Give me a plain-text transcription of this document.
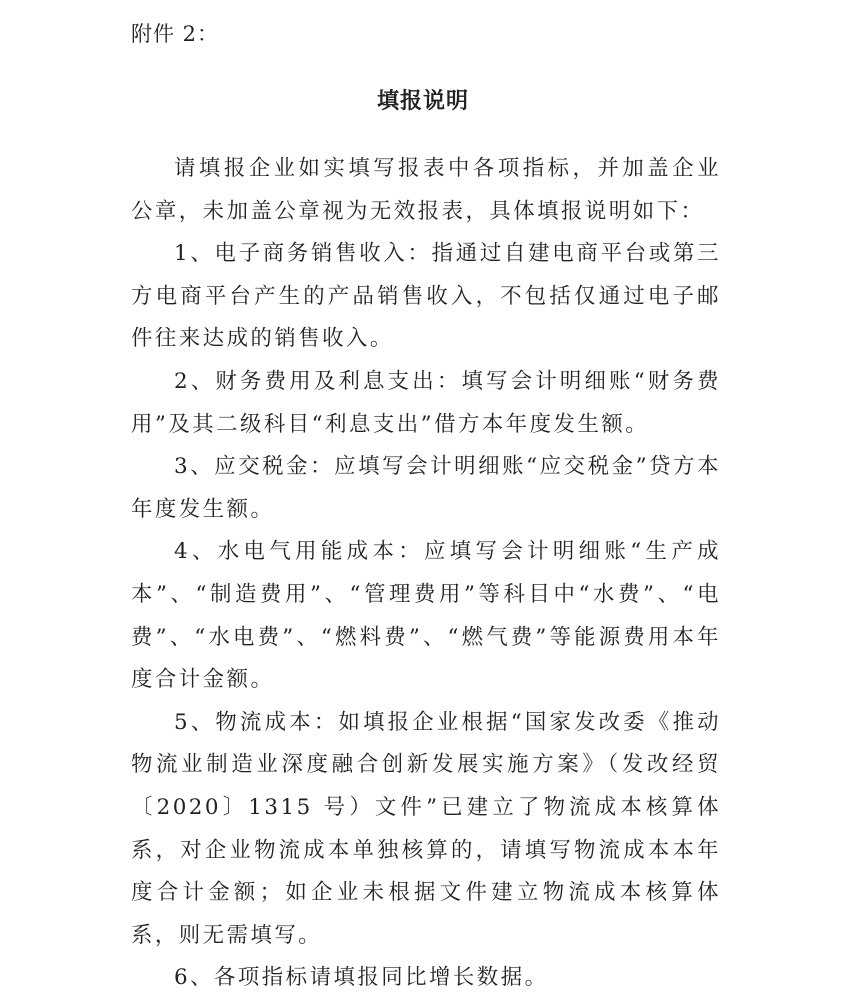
附件 2：
填报说明

请填报企业如实填写报表中各项指标，并加盖企业公章，未加盖公章视为无效报表，具体填报说明如下：

1、电子商务销售收入：指通过自建电商平台或第三方电商平台产生的产品销售收入，不包括仅通过电子邮件往来达成的销售收入。

2、财务费用及利息支出：填写会计明细账“财务费用”及其二级科目“利息支出”借方本年度发生额。

3、应交税金：应填写会计明细账“应交税金”贷方本年度发生额。

4、水电气用能成本：应填写会计明细账“生产成本”、“制造费用”、“管理费用”等科目中“水费”、“电费”、“水电费”、“燃料费”、“燃气费”等能源费用本年度合计金额。

5、物流成本：如填报企业根据“国家发改委《推动物流业制造业深度融合创新发展实施方案》（发改经贸〔2020〕1315 号）文件”已建立了物流成本核算体系，对企业物流成本单独核算的，请填写物流成本本年度合计金额；如企业未根据文件建立物流成本核算体系，则无需填写。

6、各项指标请填报同比增长数据。
